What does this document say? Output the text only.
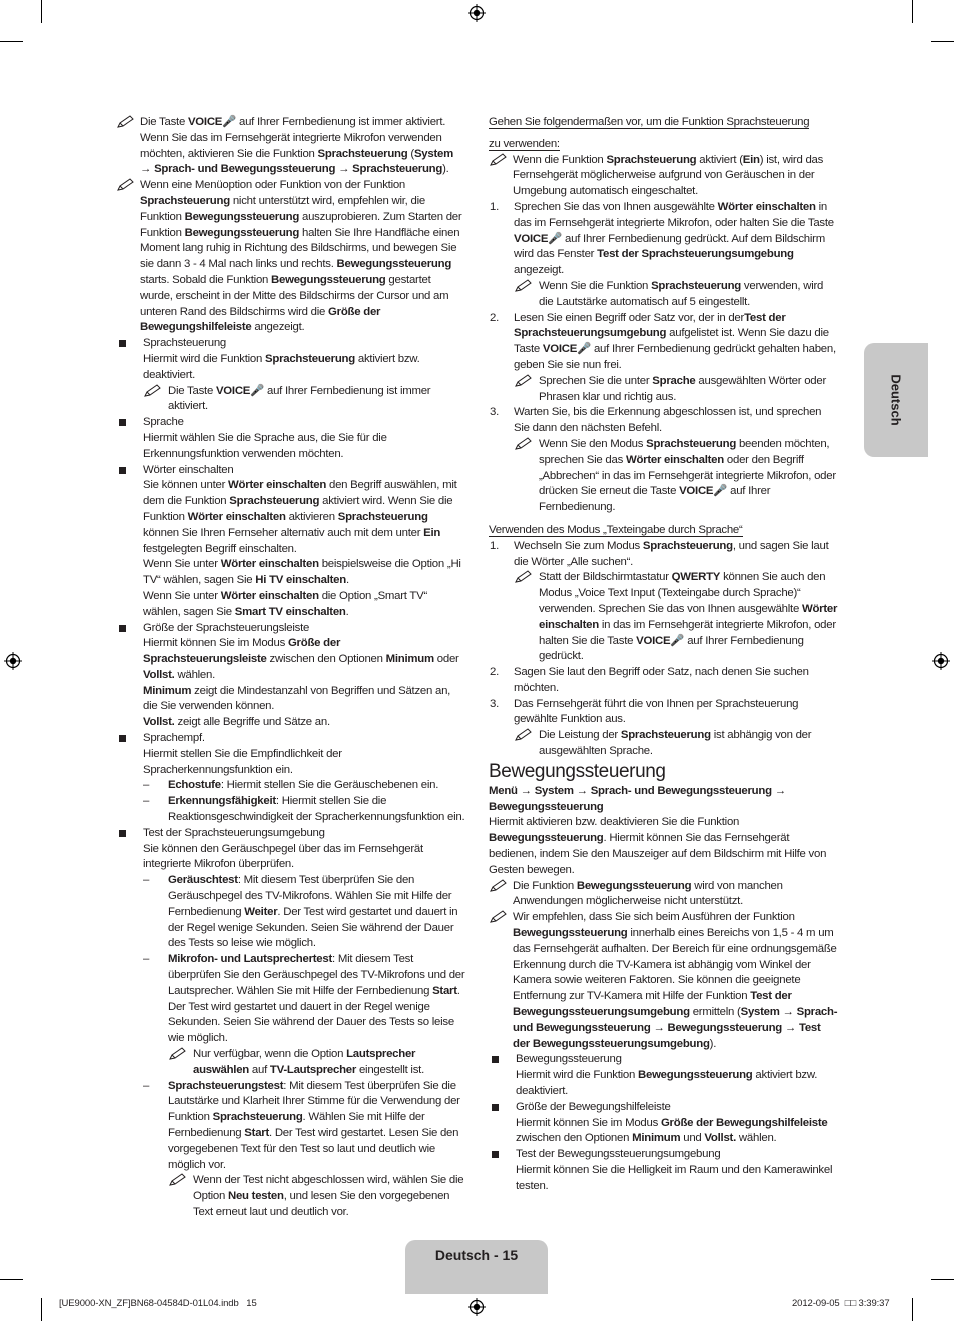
Die Taste VOICE🎤 auf Ihrer Fernbedienung ist immer aktiviert. Wenn Sie das im Fernsehgerät integrierte Mikrofon verwenden möchten, aktivieren Sie die Funktion Sprachsteuerung (System → Sprach- und Bewegungssteuerung → Sprachsteuerung).
Wenn eine Menüoption oder Funktion von der Funktion Sprachsteuerung nicht unterstützt wird, empfehlen wir, die Funktion Bewegungssteuerung auszuprobieren. Zum Starten der Funktion Bewegungssteuerung halten Sie Ihre Handfläche einen Moment lang ruhig in Richtung des Bildschirms, und bewegen Sie sie dann 3 - 4 Mal nach links und rechts. Bewegungssteuerung starts. Sobald die Funktion Bewegungssteuerung gestartet wurde, erscheint in der Mitte des Bildschirms der Cursor und am unteren Rand des Bildschirms wird die Größe der Bewegungshilfeleiste angezeigt.
Sprachsteuerung
Hiermit wird die Funktion Sprachsteuerung aktiviert bzw. deaktiviert.
Die Taste VOICE🎤 auf Ihrer Fernbedienung ist immer aktiviert.
Sprache
Hiermit wählen Sie die Sprache aus, die Sie für die Erkennungsfunktion verwenden möchten.
Wörter einschalten
Sie können unter Wörter einschalten den Begriff auswählen, mit dem die Funktion Sprachsteuerung aktiviert wird. Wenn Sie die Funktion Wörter einschalten aktivieren Sprachsteuerung können Sie Ihren Fernseher alternativ auch mit dem unter Ein festgelegten Begriff einschalten.
Wenn Sie unter Wörter einschalten beispielsweise die Option „Hi TV“ wählen, sagen Sie Hi TV einschalten.
Wenn Sie unter Wörter einschalten die Option „Smart TV“ wählen, sagen Sie Smart TV einschalten.
Größe der Sprachsteuerungsleiste
Hiermit können Sie im Modus Größe der Sprachsteuerungsleiste zwischen den Optionen Minimum oder Vollst. wählen.
Minimum zeigt die Mindestanzahl von Begriffen und Sätzen an, die Sie verwenden können.
Vollst. zeigt alle Begriffe und Sätze an.
Sprachempf.
Hiermit stellen Sie die Empfindlichkeit der Spracherkennungsfunktion ein.
– Echostufe: Hiermit stellen Sie die Geräuschebenen ein.
– Erkennungsfähigkeit: Hiermit stellen Sie die Reaktionsgeschwindigkeit der Spracherkennungsfunktion ein.
Test der Sprachsteuerungsumgebung
Sie können den Geräuschpegel über das im Fernsehgerät integrierte Mikrofon überprüfen.
– Geräuschtest: Mit diesem Test überprüfen Sie den Geräuschpegel des TV-Mikrofons. Wählen Sie mit Hilfe der Fernbedienung Weiter. Der Test wird gestartet und dauert in der Regel wenige Sekunden. Seien Sie während der Dauer des Tests so leise wie möglich.
– Mikrofon- und Lautsprechertest: Mit diesem Test überprüfen Sie den Geräuschpegel des TV-Mikrofons und der Lautsprecher. Wählen Sie mit Hilfe der Fernbedienung Start. Der Test wird gestartet und dauert in der Regel wenige Sekunden. Seien Sie während der Dauer des Tests so leise wie möglich.
Nur verfügbar, wenn die Option Lautsprecher auswählen auf TV-Lautsprecher eingestellt ist.
– Sprachsteuerungstest: Mit diesem Test überprüfen Sie die Lautstärke und Klarheit Ihrer Stimme für die Verwendung der Funktion Sprachsteuerung. Wählen Sie mit Hilfe der Fernbedienung Start. Der Test wird gestartet. Lesen Sie den vorgegebenen Text für den Test so laut und deutlich wie möglich vor.
Wenn der Test nicht abgeschlossen wird, wählen Sie die Option Neu testen, und lesen Sie den vorgegebenen Text erneut laut und deutlich vor.

Gehen Sie folgendermaßen vor, um die Funktion Sprachsteuerung

zu verwenden:

Wenn die Funktion Sprachsteuerung aktiviert (Ein) ist, wird das Fernsehgerät möglicherweise aufgrund von Geräuschen in der Umgebung automatisch eingeschaltet.
1. Sprechen Sie das von Ihnen ausgewählte Wörter einschalten in das im Fernsehgerät integrierte Mikrofon, oder halten Sie die Taste VOICE🎤 auf Ihrer Fernbedienung gedrückt. Auf dem Bildschirm wird das Fenster Test der Sprachsteuerungsumgebung angezeigt.
Wenn Sie die Funktion Sprachsteuerung verwenden, wird die Lautstärke automatisch auf 5 eingestellt.
2. Lesen Sie einen Begriff oder Satz vor, der in derTest der Sprachsteuerungsumgebung aufgelistet ist. Wenn Sie dazu die Taste VOICE🎤 auf Ihrer Fernbedienung gedrückt gehalten haben, geben Sie sie nun frei.
Sprechen Sie die unter Sprache ausgewählten Wörter oder Phrasen klar und richtig aus.
3. Warten Sie, bis die Erkennung abgeschlossen ist, und sprechen Sie dann den nächsten Befehl.
Wenn Sie den Modus Sprachsteuerung beenden möchten, sprechen Sie das Wörter einschalten oder den Begriff „Abbrechen“ in das im Fernsehgerät integrierte Mikrofon, oder drücken Sie erneut die Taste VOICE🎤 auf Ihrer Fernbedienung.

Verwenden des Modus „Texteingabe durch Sprache“

1. Wechseln Sie zum Modus Sprachsteuerung, und sagen Sie laut die Wörter „Alle suchen“.
Statt der Bildschirmtastatur QWERTY können Sie auch den Modus „Voice Text Input (Texteingabe durch Sprache)“ verwenden. Sprechen Sie das von Ihnen ausgewählte Wörter einschalten in das im Fernsehgerät integrierte Mikrofon, oder halten Sie die Taste VOICE🎤 auf Ihrer Fernbedienung gedrückt.
2. Sagen Sie laut den Begriff oder Satz, nach denen Sie suchen möchten.
3. Das Fernsehgerät führt die von Ihnen per Sprachsteuerung gewählte Funktion aus.
Die Leistung der Sprachsteuerung ist abhängig von der ausgewählten Sprache.

Bewegungssteuerung

Menü → System → Sprach- und Bewegungssteuerung → Bewegungssteuerung

Hiermit aktivieren bzw. deaktivieren Sie die Funktion Bewegungssteuerung. Hiermit können Sie das Fernsehgerät bedienen, indem Sie den Mauszeiger auf dem Bildschirm mit Hilfe von Gesten bewegen.

Die Funktion Bewegungssteuerung wird von manchen Anwendungen möglicherweise nicht unterstützt.
Wir empfehlen, dass Sie sich beim Ausführen der Funktion Bewegungssteuerung innerhalb eines Bereichs von 1,5 - 4 m um das Fernsehgerät aufhalten. Der Bereich für eine ordnungsgemäße Erkennung durch die TV-Kamera ist abhängig vom Winkel der Kamera sowie weiteren Faktoren. Sie können die geeignete Entfernung zur TV-Kamera mit Hilfe der Funktion Test der Bewegungssteuerungsumgebung ermitteln (System → Sprach- und Bewegungssteuerung → Bewegungssteuerung → Test der Bewegungssteuerungsumgebung).
Bewegungssteuerung
Hiermit wird die Funktion Bewegungssteuerung aktiviert bzw. deaktiviert.
Größe der Bewegungshilfeleiste
Hiermit können Sie im Modus Größe der Bewegungshilfeleiste zwischen den Optionen Minimum und Vollst. wählen.
Test der Bewegungssteuerungsumgebung
Hiermit können Sie die Helligkeit im Raum und den Kamerawinkel testen.
Deutsch
Deutsch - 15
[UE9000-XN_ZF]BN68-04584D-01L04.indb 15	2012-09-05 □□ 3:39:37
